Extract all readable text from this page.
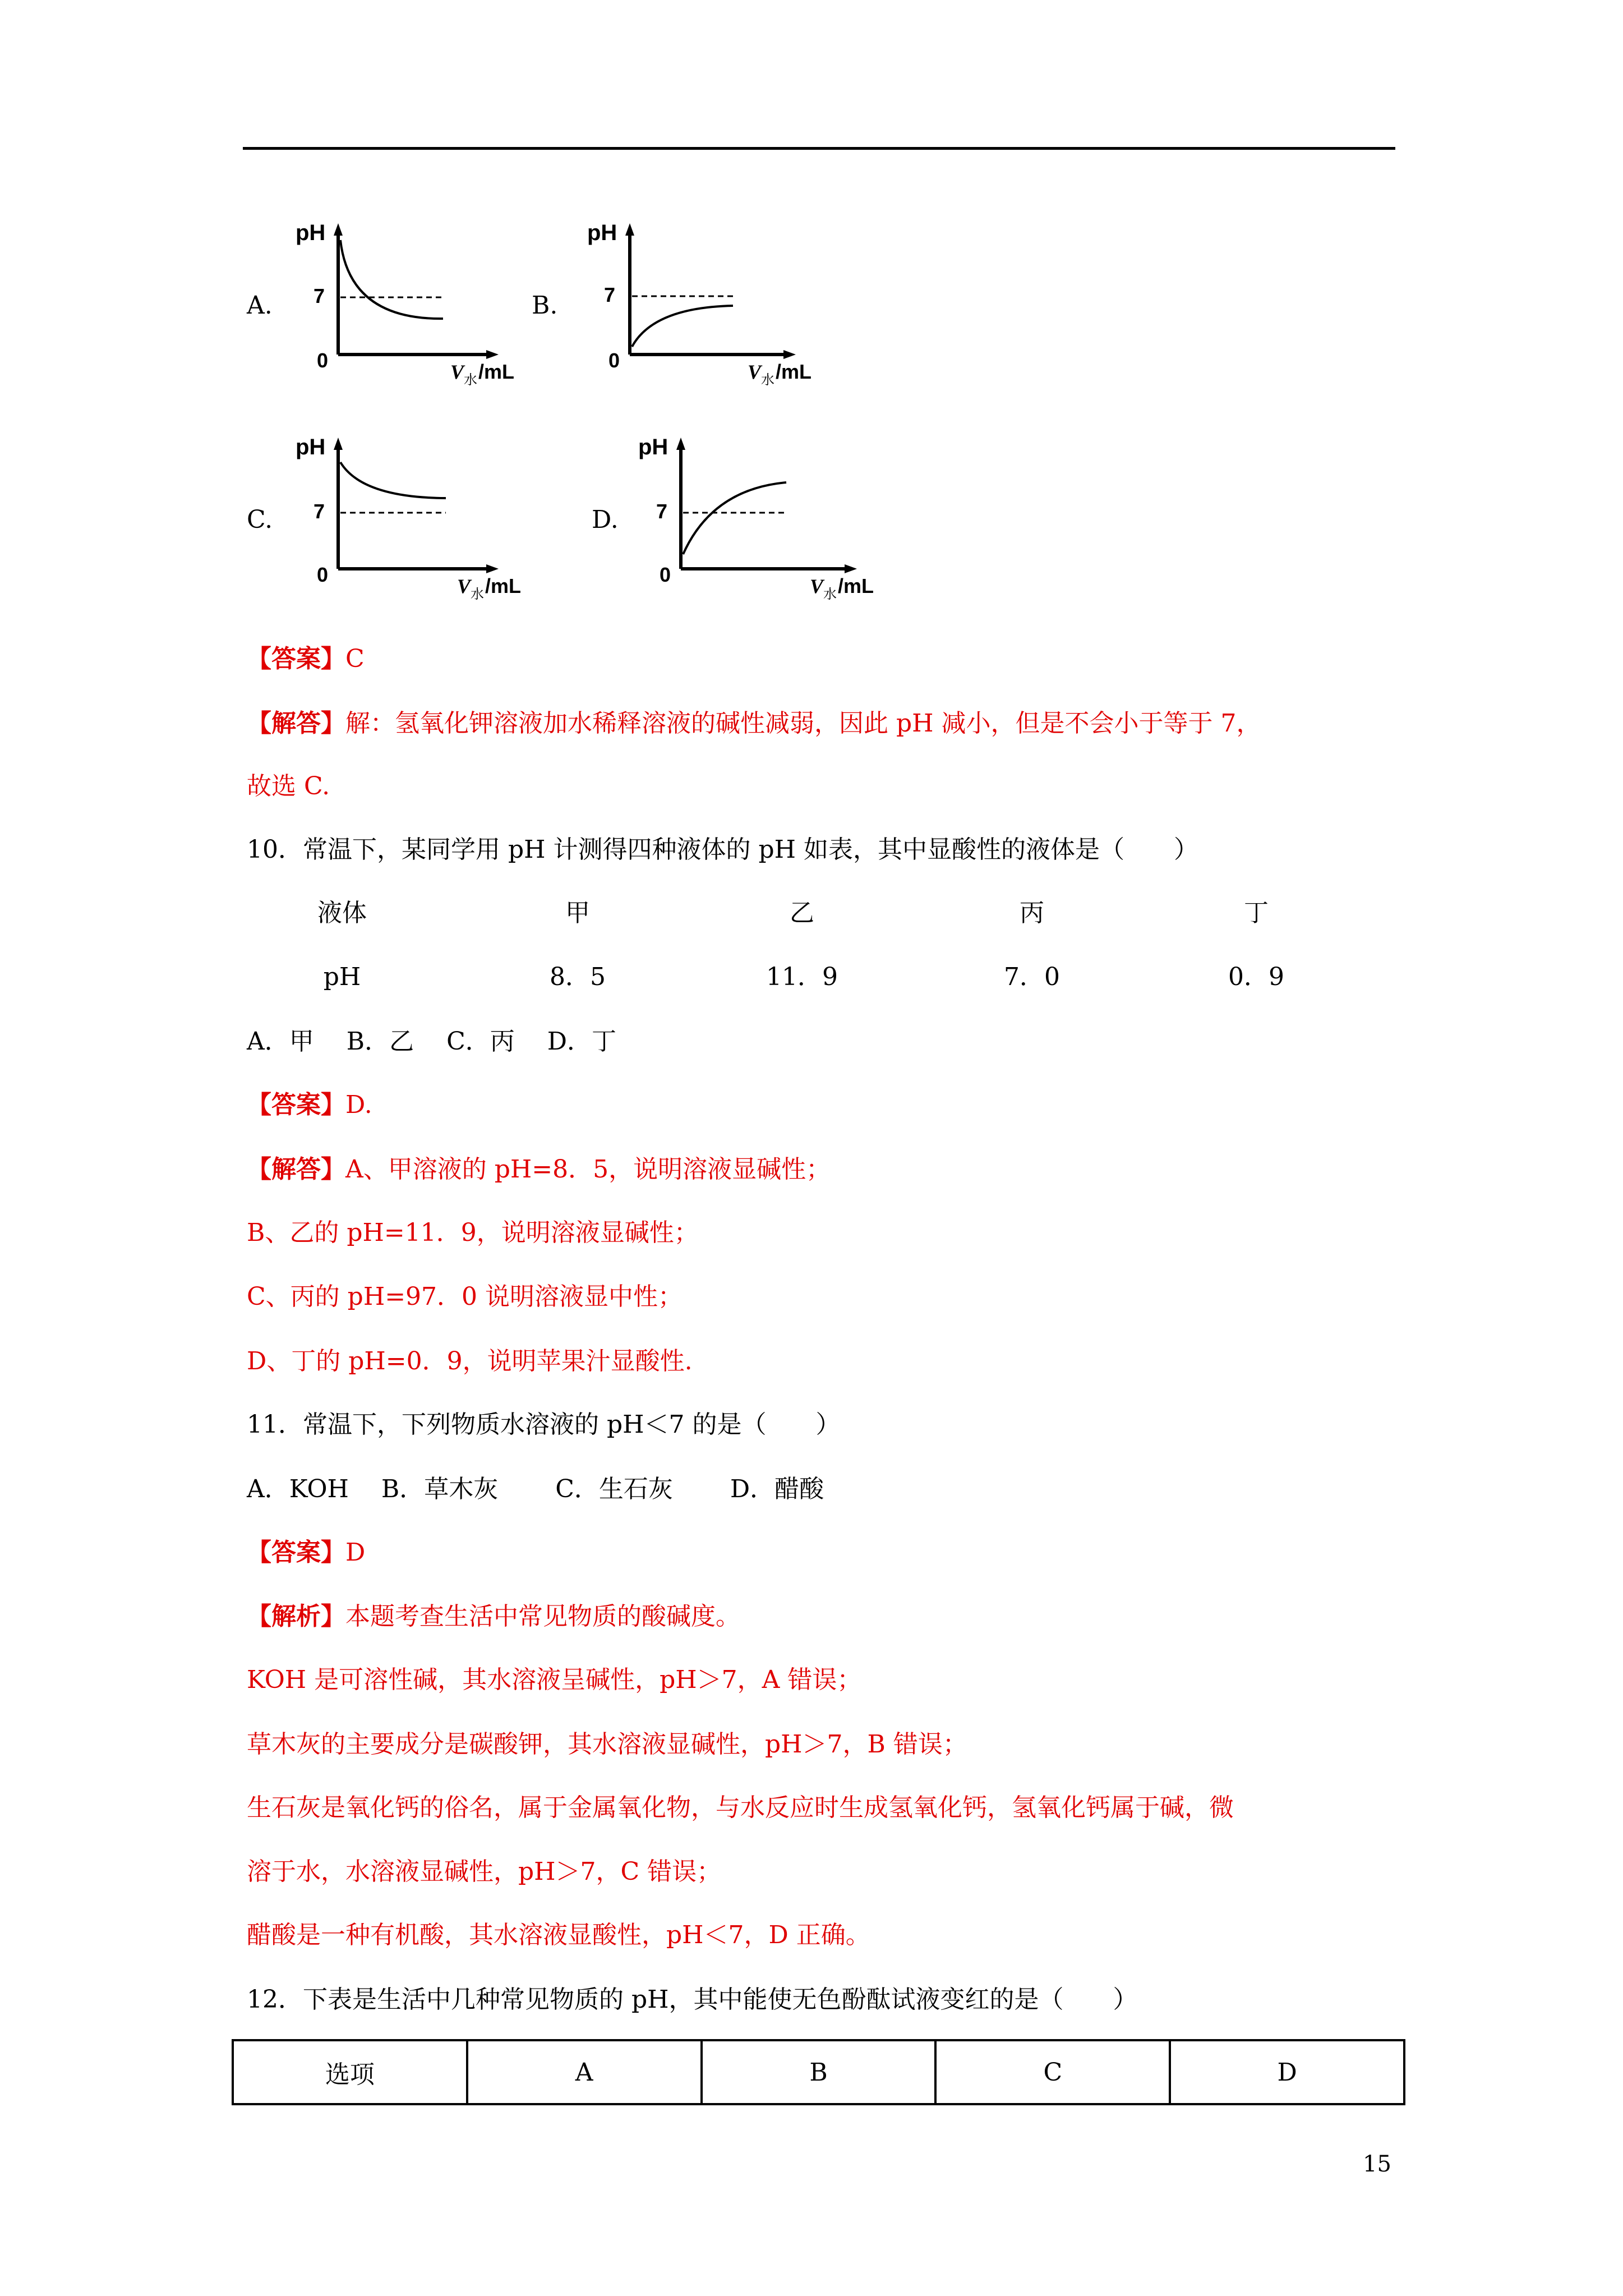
A.
pH
7
0	V 水 /mL
B.
pH
7
0	V 水 /mL
C.
pH
7
0	V 水 /mL
D.
pH
7
0	V 水 /mL
【答案】C
【解答】解：氢氧化钾溶液加水稀释溶液的碱性减弱，因此 pH 减小，但是不会小于等于 7，
故选 C.
10．常温下，某同学用 pH 计测得四种液体的 pH 如表，其中显酸性的液体是（　　）
液体	甲	乙	丙	丁
pH	8．5	11．9	7．0	0．9
A．甲　 B．乙　 C．丙　 D．丁
【答案】D.
【解答】A、甲溶液的 pH=8．5，说明溶液显碱性；
B、乙的 pH=11．9，说明溶液显碱性；
C、丙的 pH=97．0 说明溶液显中性；
D、丁的 pH=0．9，说明苹果汁显酸性.
11．常温下，下列物质水溶液的 pH＜7 的是（　　）
A．KOH　 B．草木灰　　 C．生石灰　　 D．醋酸
【答案】D
【解析】本题考查生活中常见物质的酸碱度。
KOH 是可溶性碱，其水溶液呈碱性，pH＞7，A 错误；
草木灰的主要成分是碳酸钾，其水溶液显碱性，pH＞7，B 错误；
生石灰是氧化钙的俗名，属于金属氧化物，与水反应时生成氢氧化钙，氢氧化钙属于碱，微
溶于水，水溶液显碱性，pH＞7，C 错误；
醋酸是一种有机酸，其水溶液显酸性，pH＜7，D 正确。
12．下表是生活中几种常见物质的 pH，其中能使无色酚酞试液变红的是（　　）
选项	A	B	C	D
15
